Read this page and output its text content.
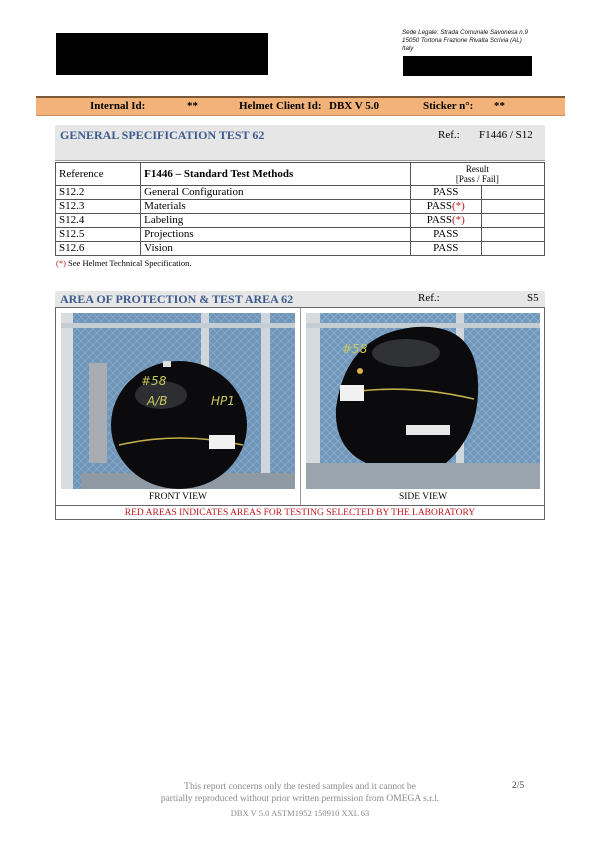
Sede Legale: Strada Comunale Savonesa n.9
15050 Tortona Frazione Rivalta Scrivia (AL)
Italy
Internal Id:	**	Helmet Client Id: DBX V 5.0	Sticker n°: **
GENERAL SPECIFICATION TEST 62	Ref.: F1446 / S12
Reference	F1446 – Standard Test Methods	Result
[Pass / Fail]	

S12.2	General Configuration	PASS	
S12.3	Materials	PASS(*)	
S12.4	Labeling	PASS(*)	
S12.5	Projections	PASS	
S12.6	Vision	PASS	
(*) See Helmet Technical Specification.
AREA OF PROTECTION & TEST AREA 62	Ref.:	S5
#58
A/B	HP1
#58
FRONT VIEW	SIDE VIEW
RED AREAS INDICATES AREAS FOR TESTING SELECTED BY THE LABORATORY
This report concerns only the tested samples and it cannot be
partially reproduced without prior written permission from OMEGA s.r.l.
2/5
DBX V 5.0 ASTM1952 150910 XXL 63
